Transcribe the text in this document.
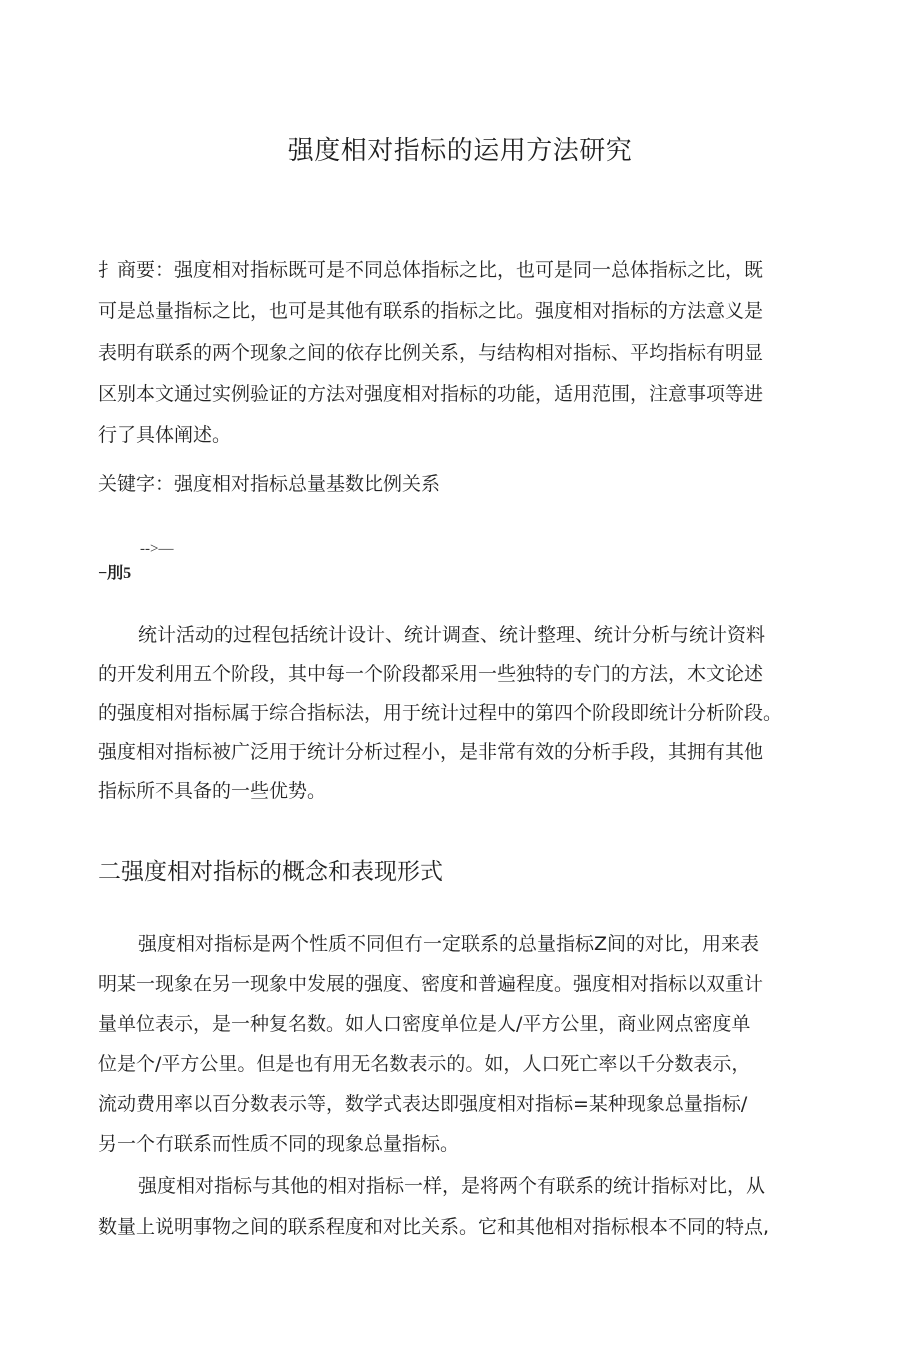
强度相对指标的运用方法研究
扌商要：强度相对指标既可是不同总体指标之比，也可是同一总体指标之比，既
可是总量指标之比，也可是其他有联系的指标之比。强度相对指标的方法意义是
表明有联系的两个现象之间的依存比例关系，与结构相对指标、平均指标有明显
区别本文通过实例验证的方法对强度相对指标的功能，适用范围，注意事项等进
行了具体阐述。
关键字：强度相对指标总量基数比例关系
-->—
−刖5
统计活动的过程包括统计设计、统计调查、统计整理、统计分析与统计资料
的开发利用五个阶段，其中每一个阶段都采用一些独特的专门的方法，木文论述
的强度相对指标属于综合指标法，用于统计过程中的第四个阶段即统计分析阶段。
强度相对指标被广泛用于统计分析过程小，是非常有效的分析手段，其拥有其他
指标所不具备的一些优势。
二强度相对指标的概念和表现形式
强度相对指标是两个性质不同但冇一定联系的总量指标Z间的对比，用来表
明某一现象在另一现象中发展的强度、密度和普遍程度。强度相对指标以双重计
量单位表示，是一种复名数。如人口密度单位是人/平方公里，商业网点密度单
位是个/平方公里。但是也有用无名数表示的。如，人口死亡率以千分数表示，
流动费用率以百分数表示等，数学式表达即强度相对指标=某种现象总量指标/
另一个冇联系而性质不同的现象总量指标。
强度相对指标与其他的相对指标一样，是将两个有联系的统计指标对比，从
数量上说明事物之间的联系程度和对比关系。它和其他相对指标根本不同的特点,
